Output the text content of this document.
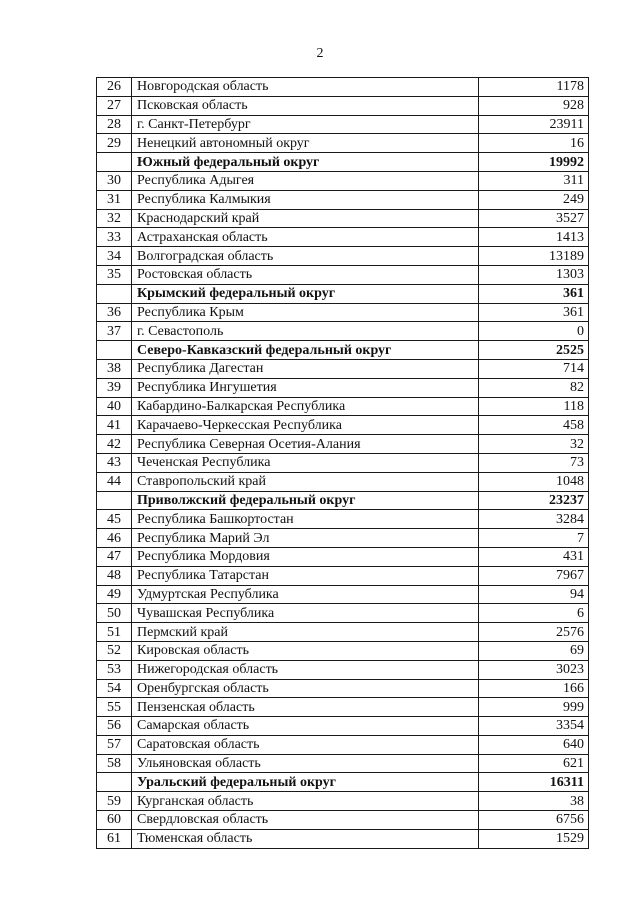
2
26	Новгородская область	1178
27	Псковская область	928
28	г. Санкт-Петербург	23911
29	Ненецкий автономный округ	16
	Южный федеральный округ	19992
30	Республика Адыгея	311
31	Республика Калмыкия	249
32	Краснодарский край	3527
33	Астраханская область	1413
34	Волгоградская область	13189
35	Ростовская область	1303
	Крымский федеральный округ	361
36	Республика Крым	361
37	г. Севастополь	0
	Северо-Кавказский федеральный округ	2525
38	Республика Дагестан	714
39	Республика Ингушетия	82
40	Кабардино-Балкарская Республика	118
41	Карачаево-Черкесская Республика	458
42	Республика Северная Осетия-Алания	32
43	Чеченская Республика	73
44	Ставропольский край	1048
	Приволжский федеральный округ	23237
45	Республика Башкортостан	3284
46	Республика Марий Эл	7
47	Республика Мордовия	431
48	Республика Татарстан	7967
49	Удмуртская Республика	94
50	Чувашская Республика	6
51	Пермский край	2576
52	Кировская область	69
53	Нижегородская область	3023
54	Оренбургская область	166
55	Пензенская область	999
56	Самарская область	3354
57	Саратовская область	640
58	Ульяновская область	621
	Уральский федеральный округ	16311
59	Курганская область	38
60	Свердловская область	6756
61	Тюменская область	1529
